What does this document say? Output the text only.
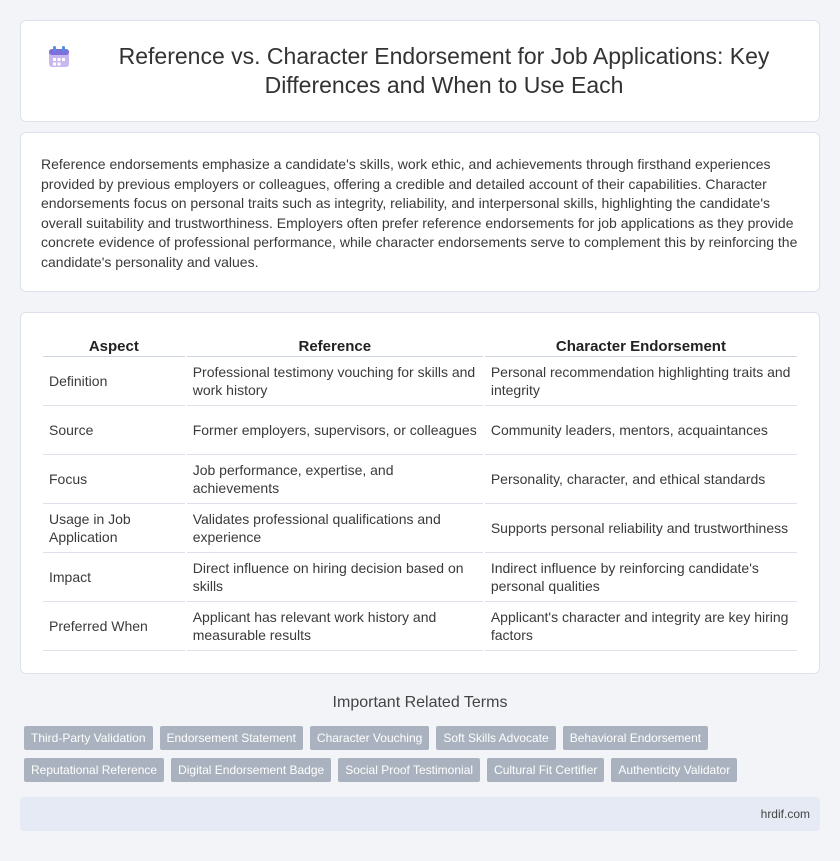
Reference vs. Character Endorsement for Job Applications: Key Differences and When to Use Each

Reference endorsements emphasize a candidate's skills, work ethic, and achievements through firsthand experiences provided by previous employers or colleagues, offering a credible and detailed account of their capabilities. Character endorsements focus on personal traits such as integrity, reliability, and interpersonal skills, highlighting the candidate's overall suitability and trustworthiness. Employers often prefer reference endorsements for job applications as they provide concrete evidence of professional performance, while character endorsements serve to complement this by reinforcing the candidate's personality and values.

Aspect	Reference	Character Endorsement
Definition	Professional testimony vouching for skills and work history	Personal recommendation highlighting traits and integrity
Source	Former employers, supervisors, or colleagues	Community leaders, mentors, acquaintances
Focus	Job performance, expertise, and achievements	Personality, character, and ethical standards
Usage in Job Application	Validates professional qualifications and experience	Supports personal reliability and trustworthiness
Impact	Direct influence on hiring decision based on skills	Indirect influence by reinforcing candidate's personal qualities
Preferred When	Applicant has relevant work history and measurable results	Applicant's character and integrity are key hiring factors
Important Related Terms
Third-Party Validation	Endorsement Statement	Character Vouching	Soft Skills Advocate	Behavioral Endorsement
Reputational Reference	Digital Endorsement Badge	Social Proof Testimonial	Cultural Fit Certifier	Authenticity Validator
hrdif.com
